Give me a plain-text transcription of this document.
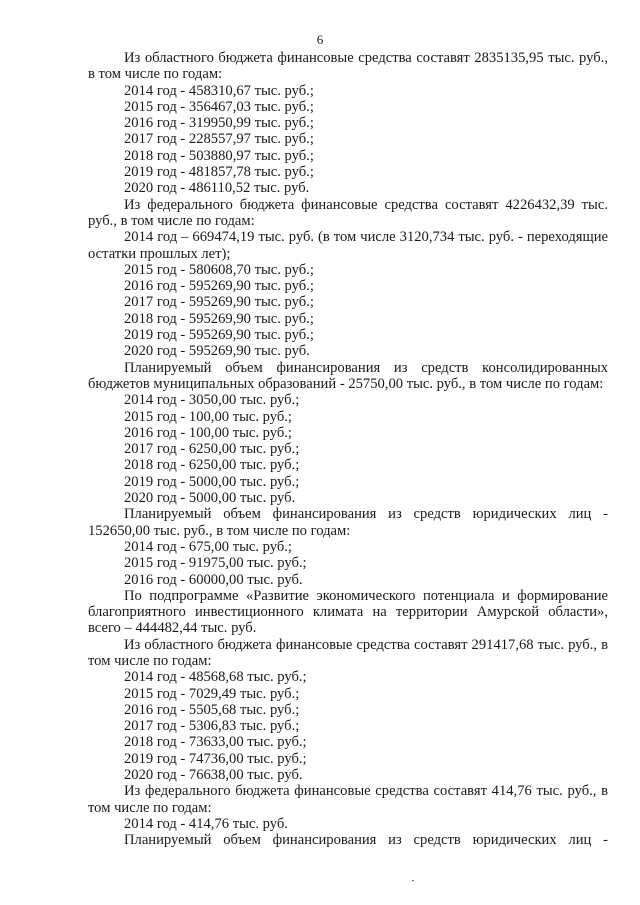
6

Из областного бюджета финансовые средства составят 2835135,95 тыс. руб., в том числе по годам:

2014 год - 458310,67 тыс. руб.;

2015 год - 356467,03 тыс. руб.;

2016 год - 319950,99 тыс. руб.;

2017 год - 228557,97 тыс. руб.;

2018 год - 503880,97 тыс. руб.;

2019 год - 481857,78 тыс. руб.;

2020 год - 486110,52 тыс. руб.

Из федерального бюджета финансовые средства составят 4226432,39 тыс. руб., в том числе по годам:

2014 год – 669474,19 тыс. руб. (в том числе 3120,734 тыс. руб. - переходящие остатки прошлых лет);

2015 год - 580608,70 тыс. руб.;

2016 год - 595269,90 тыс. руб.;

2017 год - 595269,90 тыс. руб.;

2018 год - 595269,90 тыс. руб.;

2019 год - 595269,90 тыс. руб.;

2020 год - 595269,90 тыс. руб.

Планируемый объем финансирования из средств консолидированных бюджетов муниципальных образований - 25750,00 тыс. руб., в том числе по годам:

2014 год - 3050,00 тыс. руб.;

2015 год - 100,00 тыс. руб.;

2016 год - 100,00 тыс. руб.;

2017 год - 6250,00 тыс. руб.;

2018 год - 6250,00 тыс. руб.;

2019 год - 5000,00 тыс. руб.;

2020 год - 5000,00 тыс. руб.

Планируемый объем финансирования из средств юридических лиц - 152650,00 тыс. руб., в том числе по годам:

2014 год - 675,00 тыс. руб.;

2015 год - 91975,00 тыс. руб.;

2016 год - 60000,00 тыс. руб.

По подпрограмме «Развитие экономического потенциала и формирование благоприятного инвестиционного климата на территории Амурской области», всего – 444482,44 тыс. руб.

Из областного бюджета финансовые средства составят 291417,68 тыс. руб., в том числе по годам:

2014 год - 48568,68 тыс. руб.;

2015 год - 7029,49 тыс. руб.;

2016 год - 5505,68 тыс. руб.;

2017 год - 5306,83 тыс. руб.;

2018 год - 73633,00 тыс. руб.;

2019 год - 74736,00 тыс. руб.;

2020 год - 76638,00 тыс. руб.

Из федерального бюджета финансовые средства составят 414,76 тыс. руб., в том числе по годам:

2014 год - 414,76 тыс. руб.

Планируемый объем финансирования из средств юридических лиц -
